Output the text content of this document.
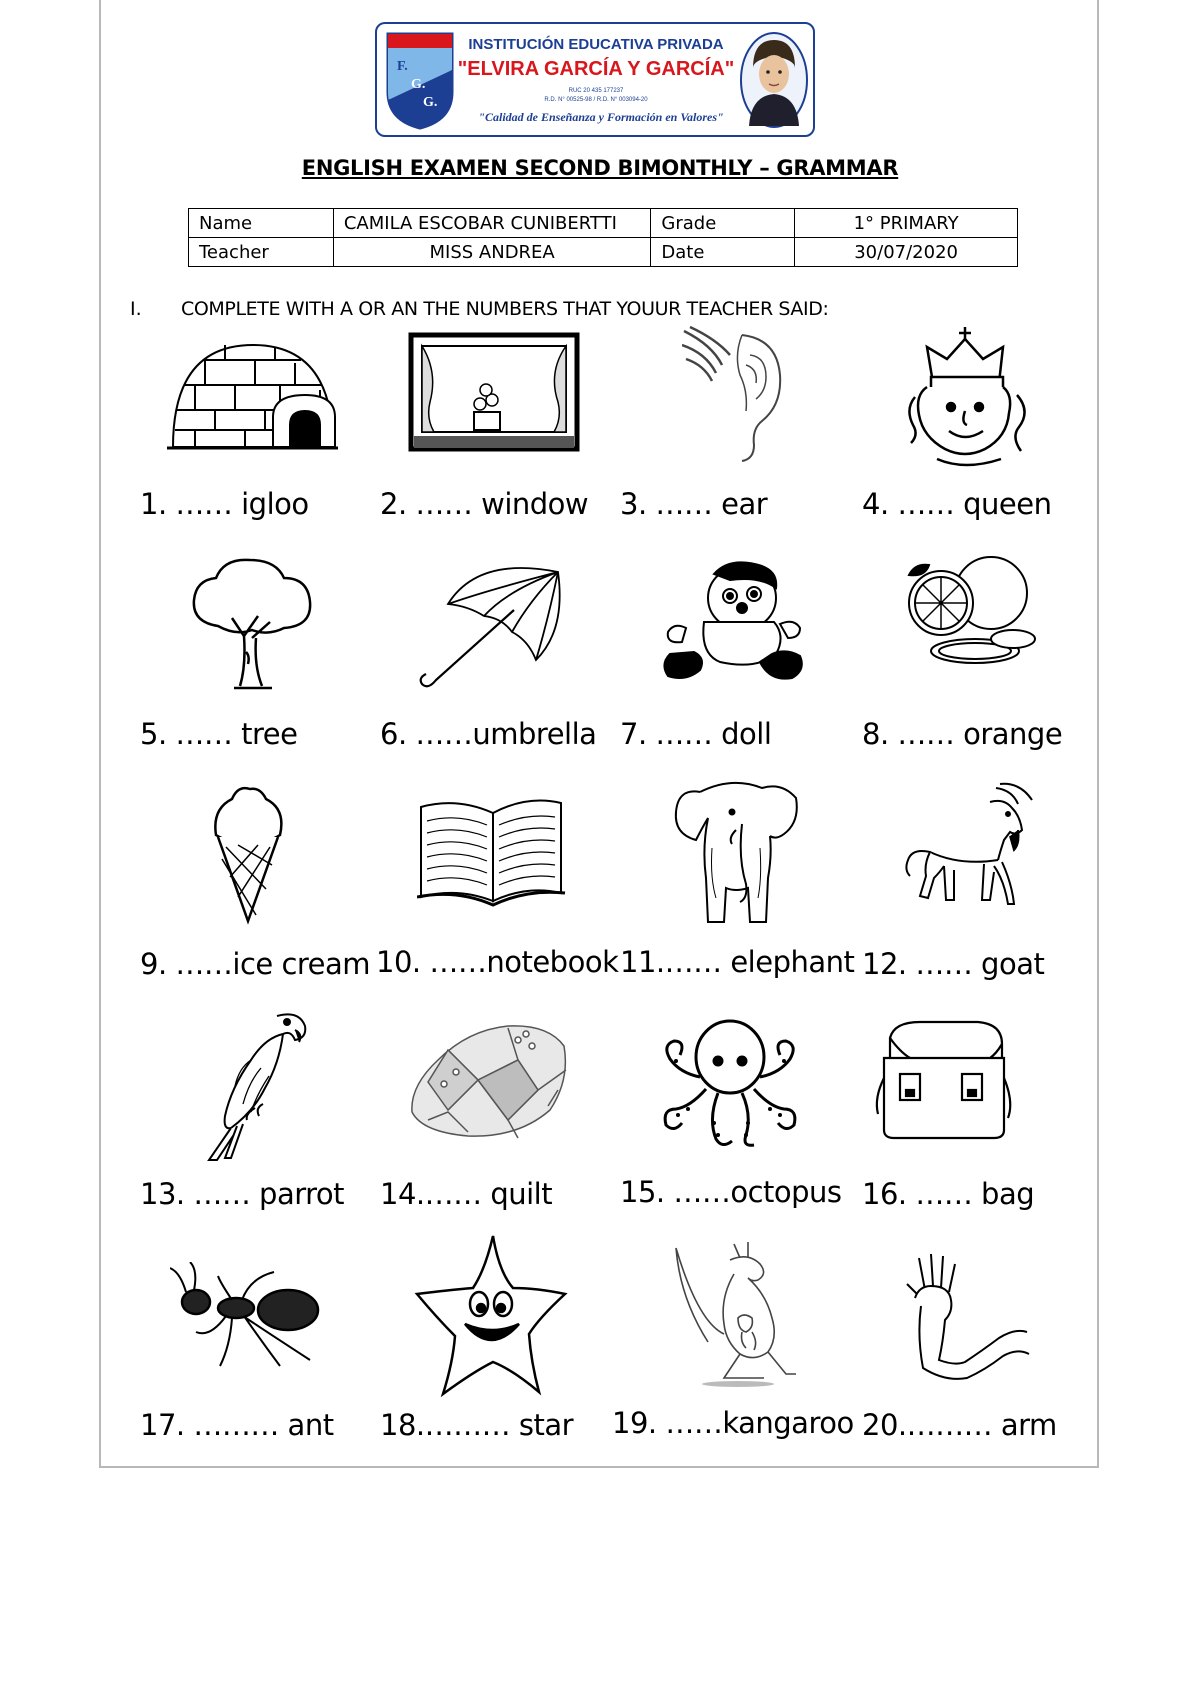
F.
G.
G.
INSTITUCIÓN EDUCATIVA PRIVADA
"ELVIRA GARCÍA Y GARCÍA"
RUC 20 435 177237
R.D. N° 00525-98 / R.D. N° 003094-20
"Calidad de Enseñanza y Formación en Valores"
ENGLISH EXAMEN SECOND BIMONTHLY – GRAMMAR
Name	CAMILA ESCOBAR CUNIBERTTI	Grade	1° PRIMARY
Teacher	MISS ANDREA	Date	30/07/2020
I. COMPLETE WITH A OR AN THE NUMBERS THAT YOUUR TEACHER SAID:
1. …… igloo 2. …… window 3. …… ear	4. …… queen
5. …… tree	6. ……umbrella 7. …… doll	8. …… orange
9. ……ice cream 10. ……notebook 11.…… elephant 12. …… goat
13. …… parrot 14.…… quilt 15. ……octopus 16. …… bag
17. ……… ant 18.……… star 19. ……kangaroo 20.……… arm
